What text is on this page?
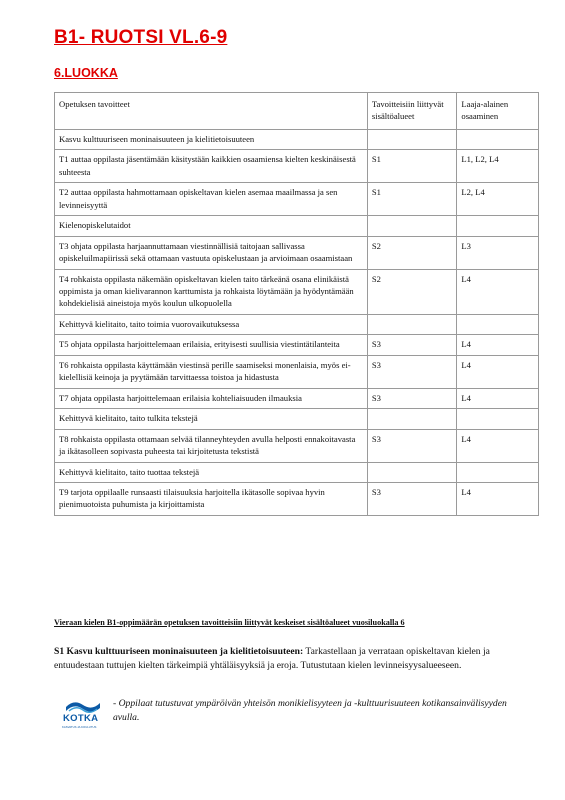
B1- RUOTSI VL.6-9
6.LUOKKA
Opetuksen tavoitteet	Tavoitteisiin liittyvät sisältöalueet	Laaja-alainen osaaminen
Kasvu kulttuuriseen moninaisuuteen ja kielitietoisuuteen		
T1 auttaa oppilasta jäsentämään käsitystään kaikkien osaamiensa kielten keskinäisestä suhteesta	S1	L1, L2, L4
T2 auttaa oppilasta hahmottamaan opiskeltavan kielen asemaa maailmassa ja sen levinneisyyttä	S1	L2, L4
Kielenopiskelutaidot		
T3 ohjata oppilasta harjaannuttamaan viestinnällisiä taitojaan sallivassa opiskeluilmapiirissä sekä ottamaan vastuuta opiskelustaan ja arvioimaan osaamistaan	S2	L3
T4 rohkaista oppilasta näkemään opiskeltavan kielen taito tärkeänä osana elinikäistä oppimista ja oman kielivarannon karttumista ja rohkaista löytämään ja hyödyntämään kohdekielisiä aineistoja myös koulun ulkopuolella	S2	L4
Kehittyvä kielitaito, taito toimia vuorovaikutuksessa		
T5 ohjata oppilasta harjoittelemaan erilaisia, erityisesti suullisia viestintätilanteita	S3	L4
T6 rohkaista oppilasta käyttämään viestinsä perille saamiseksi monenlaisia, myös ei-kielellisiä keinoja ja pyytämään tarvittaessa toistoa ja hidastusta	S3	L4
T7 ohjata oppilasta harjoittelemaan erilaisia kohteliaisuuden ilmauksia	S3	L4
Kehittyvä kielitaito, taito tulkita tekstejä		
T8 rohkaista oppilasta ottamaan selvää tilanneyhteyden avulla helposti ennakoitavasta ja ikätasolleen sopivasta puheesta tai kirjoitetusta tekstistä	S3	L4
Kehittyvä kielitaito, taito tuottaa tekstejä		
T9 tarjota oppilaalle runsaasti tilaisuuksia harjoitella ikätasolle sopivaa hyvin pienimuotoista puhumista ja kirjoittamista	S3	L4

Vieraan kielen B1-oppimäärän opetuksen tavoitteisiin liittyvät keskeiset sisältöalueet vuosiluokalla 6

S1 Kasvu kulttuuriseen moninaisuuteen ja kielitietoisuuteen: Tarkastellaan ja verrataan opiskeltavan kielen ja entuudestaan tuttujen kielten tärkeimpiä yhtäläisyyksiä ja eroja. Tutustutaan kielen levinneisyysalueeseen.

KOTKA
KASVATUS JA KOULUTUS

- Oppilaat tutustuvat ympäröivän yhteisön monikielisyyteen ja -kulttuurisuuteen kotikansainvälisyyden avulla.
